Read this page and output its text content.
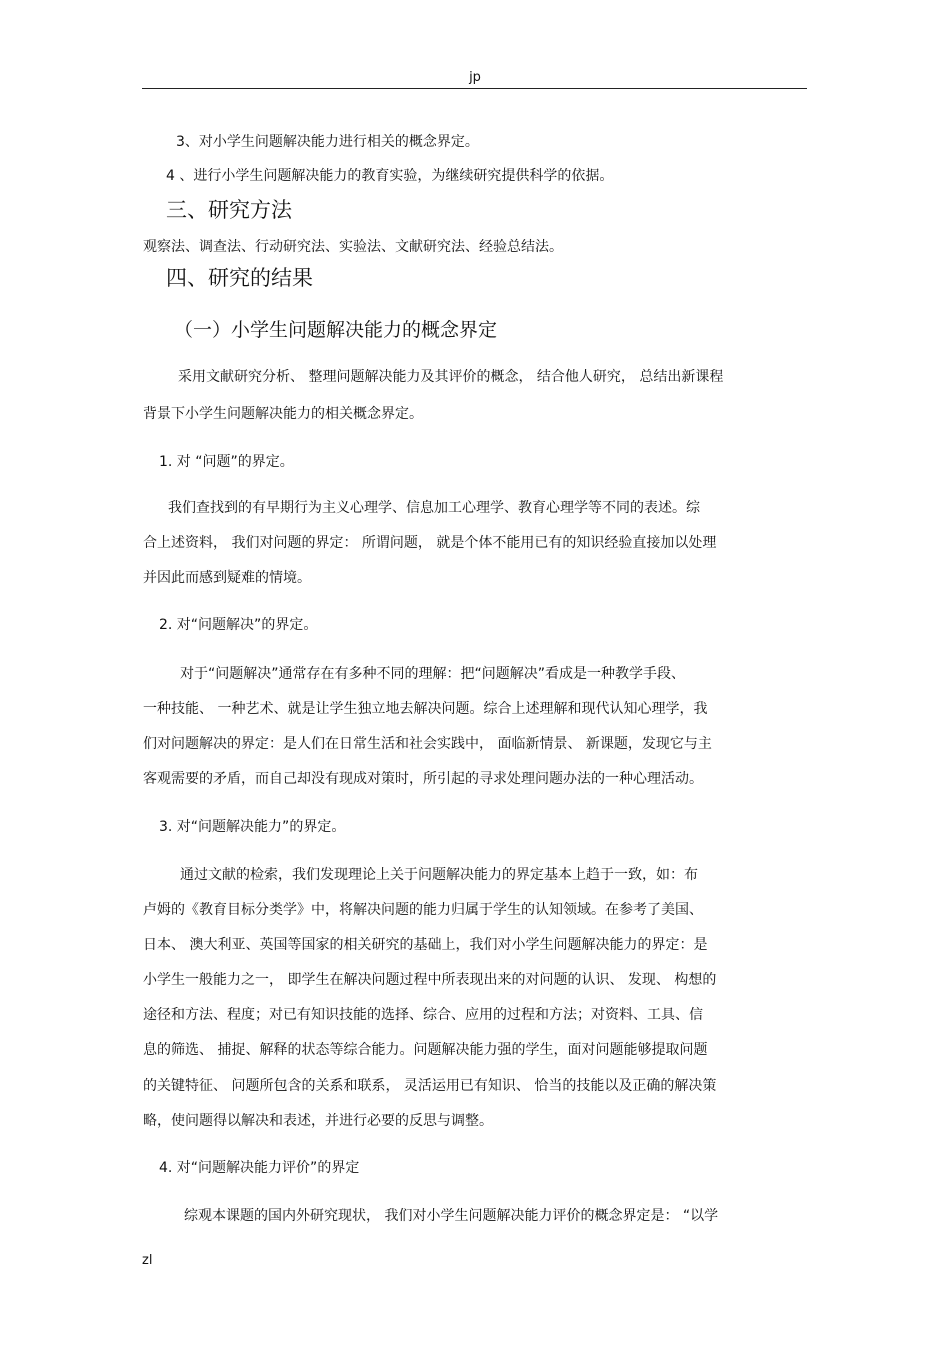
jp
3、对小学生问题解决能力进行相关的概念界定。
4 、进行小学生问题解决能力的教育实验，为继续研究提供科学的依据。
三、研究方法
观察法、调查法、行动研究法、实验法、文献研究法、经验总结法。
四、研究的结果
（一）小学生问题解决能力的概念界定
采用文献研究分析、 整理问题解决能力及其评价的概念， 结合他人研究， 总结出新课程
背景下小学生问题解决能力的相关概念界定。
1. 对 “问题”的界定。
我们查找到的有早期行为主义心理学、信息加工心理学、教育心理学等不同的表述。综
合上述资料， 我们对问题的界定： 所谓问题， 就是个体不能用已有的知识经验直接加以处理
并因此而感到疑难的情境。
2. 对“问题解决”的界定。
对于“问题解决”通常存在有多种不同的理解：把“问题解决”看成是一种教学手段、
一种技能、 一种艺术、就是让学生独立地去解决问题。综合上述理解和现代认知心理学，我
们对问题解决的界定：是人们在日常生活和社会实践中， 面临新情景、 新课题，发现它与主
客观需要的矛盾，而自己却没有现成对策时，所引起的寻求处理问题办法的一种心理活动。
3. 对“问题解决能力”的界定。
通过文献的检索，我们发现理论上关于问题解决能力的界定基本上趋于一致，如：布
卢姆的《教育目标分类学》中，将解决问题的能力归属于学生的认知领域。在参考了美国、
日本、 澳大利亚、英国等国家的相关研究的基础上，我们对小学生问题解决能力的界定：是
小学生一般能力之一， 即学生在解决问题过程中所表现出来的对问题的认识、 发现、 构想的
途径和方法、程度；对已有知识技能的选择、综合、应用的过程和方法；对资料、工具、信
息的筛选、 捕捉、解释的状态等综合能力。问题解决能力强的学生，面对问题能够提取问题
的关键特征、 问题所包含的关系和联系， 灵活运用已有知识、 恰当的技能以及正确的解决策
略，使问题得以解决和表述，并进行必要的反思与调整。
4. 对“问题解决能力评价”的界定
综观本课题的国内外研究现状， 我们对小学生问题解决能力评价的概念界定是： “以学
zl
